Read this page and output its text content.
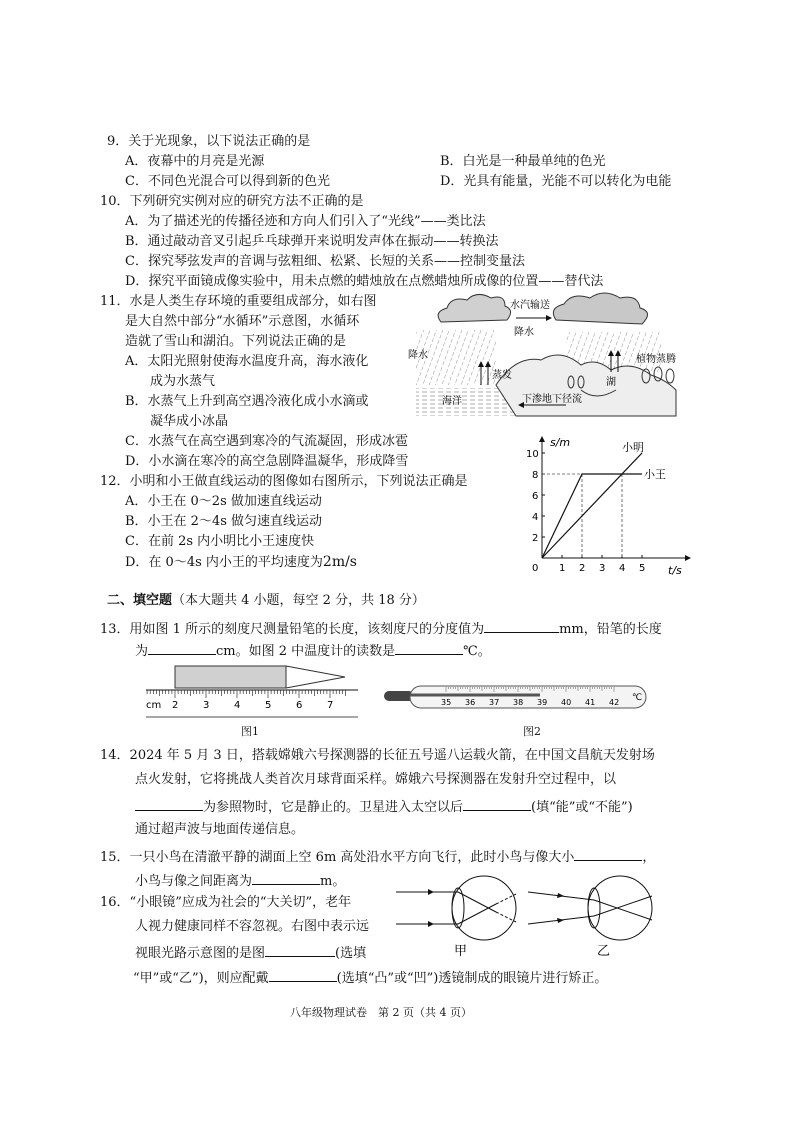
9．关于光现象，以下说法正确的是
A．夜幕中的月亮是光源	B．白光是一种最单纯的色光
C．不同色光混合可以得到新的色光	D．光具有能量，光能不可以转化为电能
10．下列研究实例对应的研究方法不正确的是
A．为了描述光的传播径迹和方向人们引入了“光线”——类比法
B．通过敲动音叉引起乒乓球弹开来说明发声体在振动——转换法
C．探究琴弦发声的音调与弦粗细、松紧、长短的关系——控制变量法
D．探究平面镜成像实验中，用未点燃的蜡烛放在点燃蜡烛所成像的位置——替代法
11．水是人类生存环境的重要组成部分，如右图
是大自然中部分“水循环”示意图，水循环
造就了雪山和湖泊。下列说法正确的是
A．太阳光照射使海水温度升高，海水液化
成为水蒸气
B．水蒸气上升到高空遇冷液化成小水滴或
凝华成小冰晶
C．水蒸气在高空遇到寒冷的气流凝固，形成冰雹
D．小水滴在寒冷的高空急剧降温凝华，形成降雪
水汽输送
降水
降水
蒸发
植物蒸腾
湖
海洋	下渗地下径流
12．小明和小王做直线运动的图像如右图所示，下列说法正确是
A．小王在 0～2s 做加速直线运动
B．小王在 2～4s 做匀速直线运动
C．在前 2s 内小明比小王速度快
D．在 0～4s 内小王的平均速度为2m/s
s/m
t/s
0 1 2 3 4 5
2
4
6
8
10
小明
小王
二、填空题（本大题共 4 小题，每空 2 分，共 18 分）
13．用如图 1 所示的刻度尺测量铅笔的长度，该刻度尺的分度值为	mm，铅笔的长度
为	cm。如图 2 中温度计的读数是	℃。
2 3 4 5 6 7
cm
图1
35 36 37 38 39 40 41 42 ℃
图2
14．2024 年 5 月 3 日，搭载嫦娥六号探测器的长征五号遥八运载火箭，在中国文昌航天发射场
点火发射，它将挑战人类首次月球背面采样。嫦娥六号探测器在发射升空过程中，以
为参照物时，它是静止的。卫星进入太空以后	(填“能”或“不能”)
通过超声波与地面传递信息。
15．一只小鸟在清澈平静的湖面上空 6m 高处沿水平方向飞行，此时小鸟与像大小	，
小鸟与像之间距离为	m。
16．“小眼镜”应成为社会的“大关切”，老年
人视力健康同样不容忽视。右图中表示远
视眼光路示意图的是图	(选填
“甲”或“乙”)，则应配戴	(选填“凸”或“凹”)透镜制成的眼镜片进行矫正。
甲	乙
八年级物理试卷　第 2 页（共 4 页）
